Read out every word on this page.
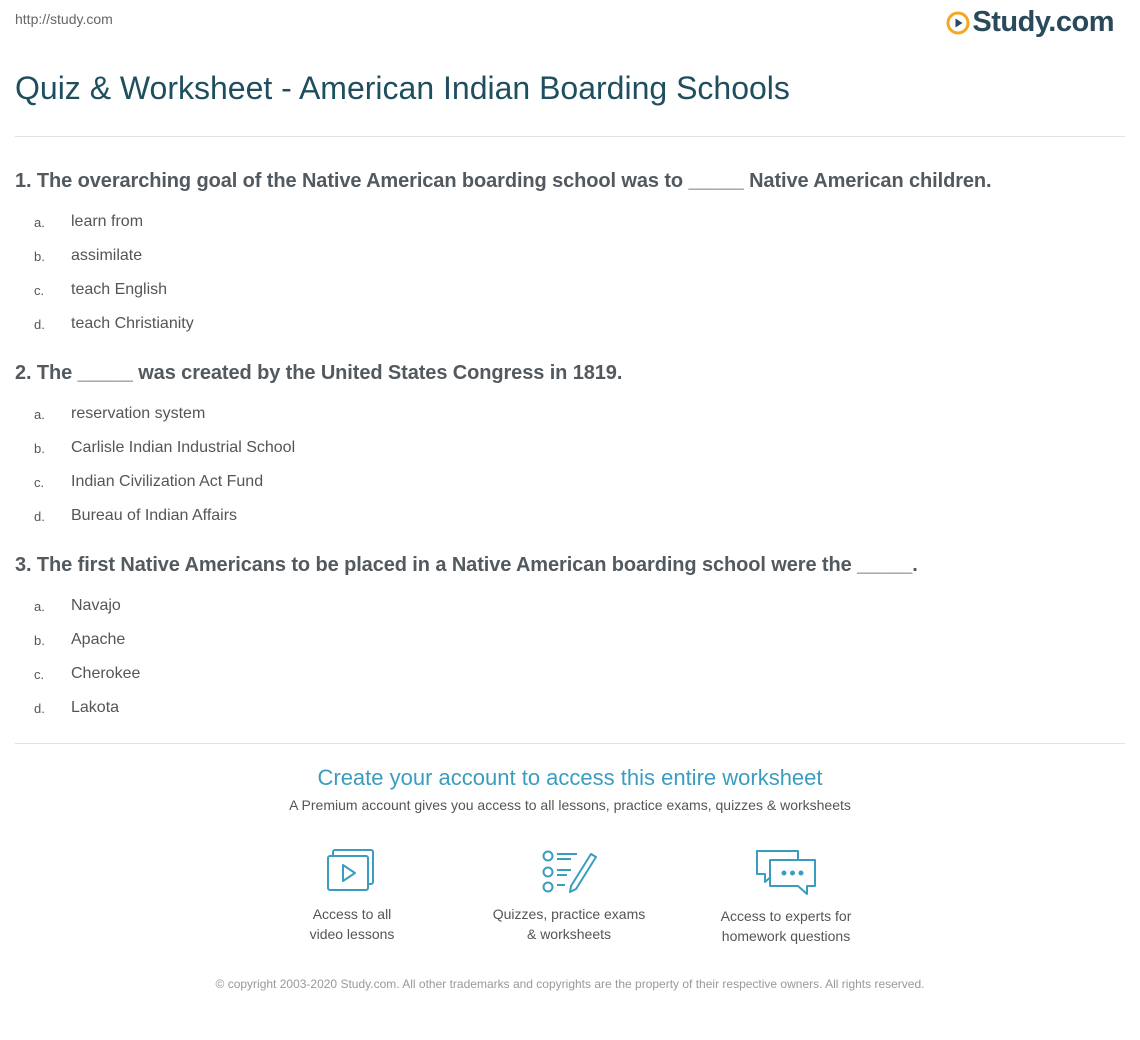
http://study.com	Study.com
Quiz & Worksheet - American Indian Boarding Schools

1. The overarching goal of the Native American boarding school was to _____ Native American children.

a.	learn from
b.	assimilate
c.	teach English
d.	teach Christianity

2. The _____ was created by the United States Congress in 1819.

a.	reservation system
b.	Carlisle Indian Industrial School
c.	Indian Civilization Act Fund
d.	Bureau of Indian Affairs

3. The first Native Americans to be placed in a Native American boarding school were the _____.

a.	Navajo
b.	Apache
c.	Cherokee
d.	Lakota
Create your account to access this entire worksheet
A Premium account gives you access to all lessons, practice exams, quizzes & worksheets
Access to all
video lessons
Quizzes, practice exams
& worksheets
Access to experts for
homework questions
© copyright 2003-2020 Study.com. All other trademarks and copyrights are the property of their respective owners. All rights reserved.
